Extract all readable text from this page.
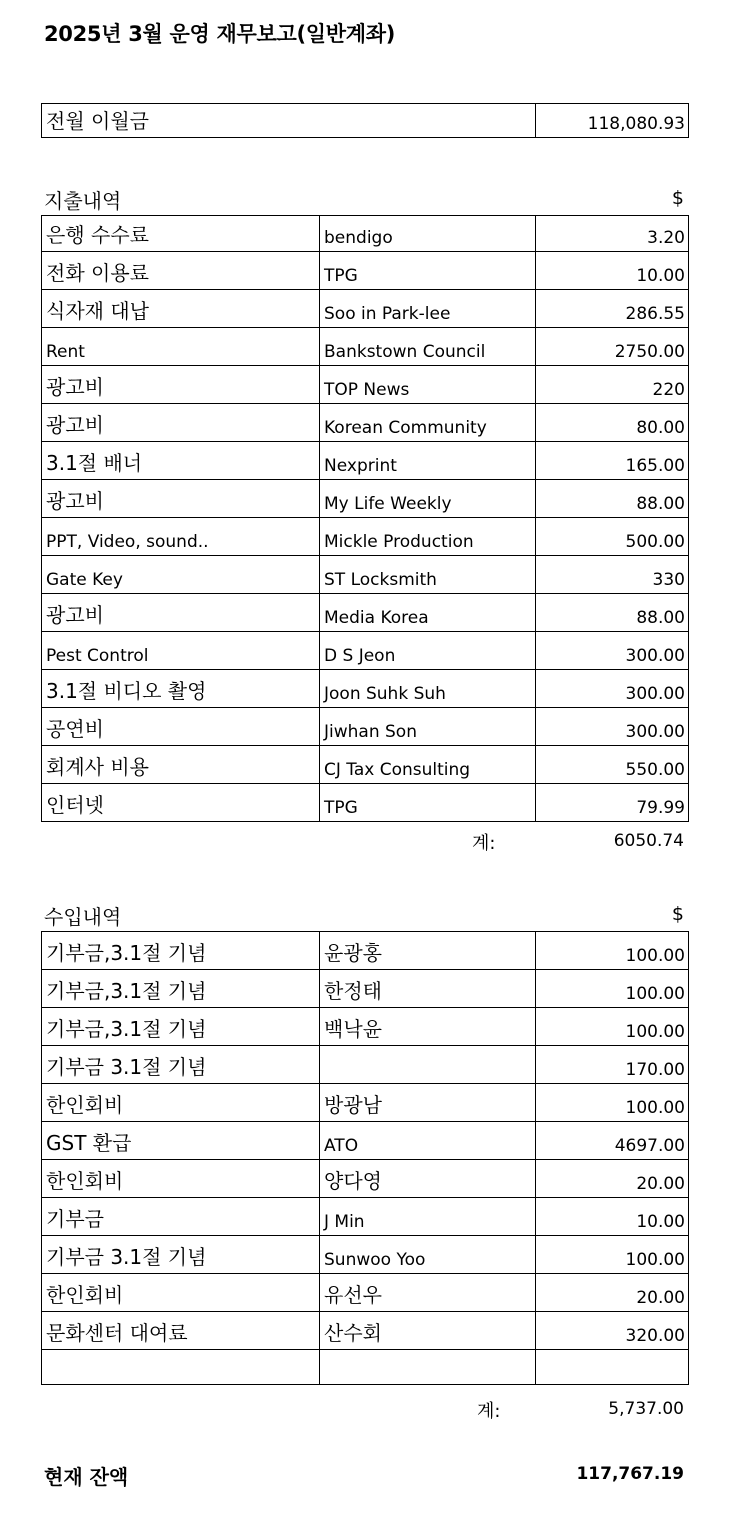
2025년 3월 운영 재무보고(일반계좌)
전월 이월금	118,080.93
지출내역	$
은행 수수료	bendigo	3.20
전화 이용료	TPG	10.00
식자재 대납	Soo in Park-lee	286.55
Rent	Bankstown Council	2750.00
광고비	TOP News	220
광고비	Korean Community	80.00
3.1절 배너	Nexprint	165.00
광고비	My Life Weekly	88.00
PPT, Video, sound..	Mickle Production	500.00
Gate Key	ST Locksmith	330
광고비	Media Korea	88.00
Pest Control	D S Jeon	300.00
3.1절 비디오 촬영	Joon Suhk Suh	300.00
공연비	Jiwhan Son	300.00
회계사 비용	CJ Tax Consulting	550.00
인터넷	TPG	79.99
계:	6050.74
수입내역	$
기부금,3.1절 기념	윤광홍	100.00
기부금,3.1절 기념	한정태	100.00
기부금,3.1절 기념	백낙윤	100.00
기부금 3.1절 기념		170.00
한인회비	방광남	100.00
GST 환급	ATO	4697.00
한인회비	양다영	20.00
기부금	J Min	10.00
기부금 3.1절 기념	Sunwoo Yoo	100.00
한인회비	유선우	20.00
문화센터 대여료	산수회	320.00

계:	5,737.00
현재 잔액	117,767.19
